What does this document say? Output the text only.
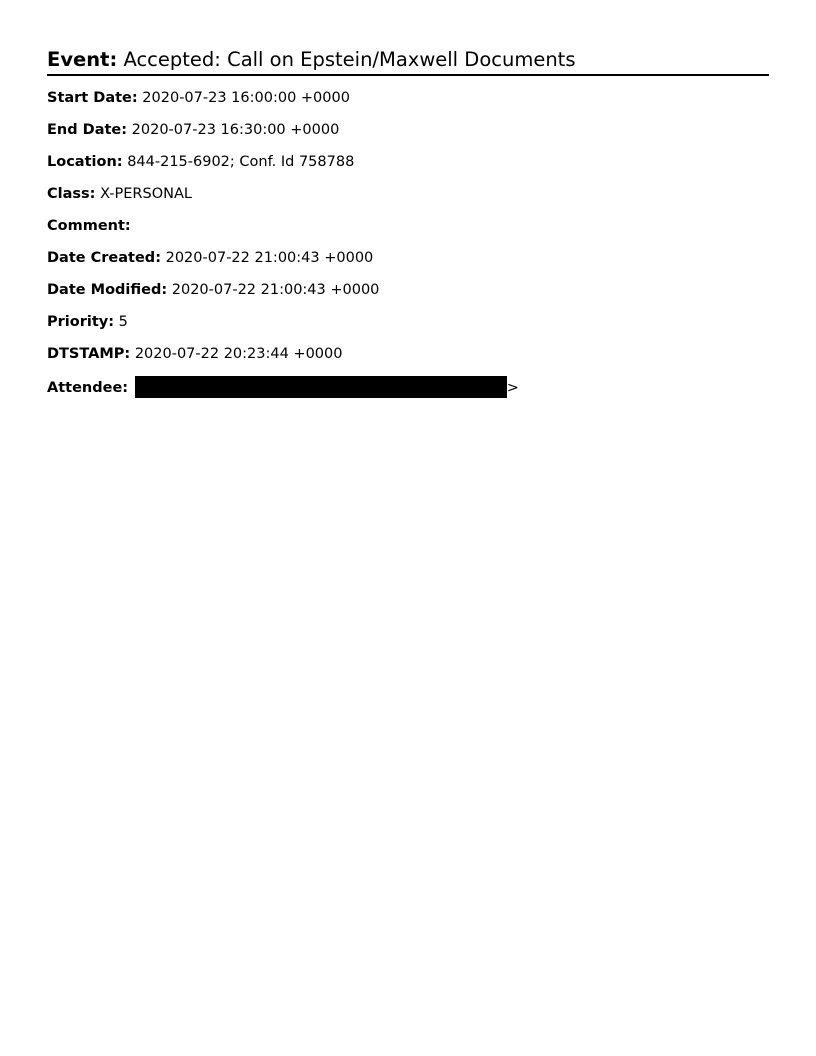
Event: Accepted: Call on Epstein/Maxwell Documents
Start Date: 2020-07-23 16:00:00 +0000
End Date: 2020-07-23 16:30:00 +0000
Location: 844-215-6902; Conf. Id 758788
Class: X-PERSONAL
Comment:
Date Created: 2020-07-22 21:00:43 +0000
Date Modified: 2020-07-22 21:00:43 +0000
Priority: 5
DTSTAMP: 2020-07-22 20:23:44 +0000
Attendee:	>
